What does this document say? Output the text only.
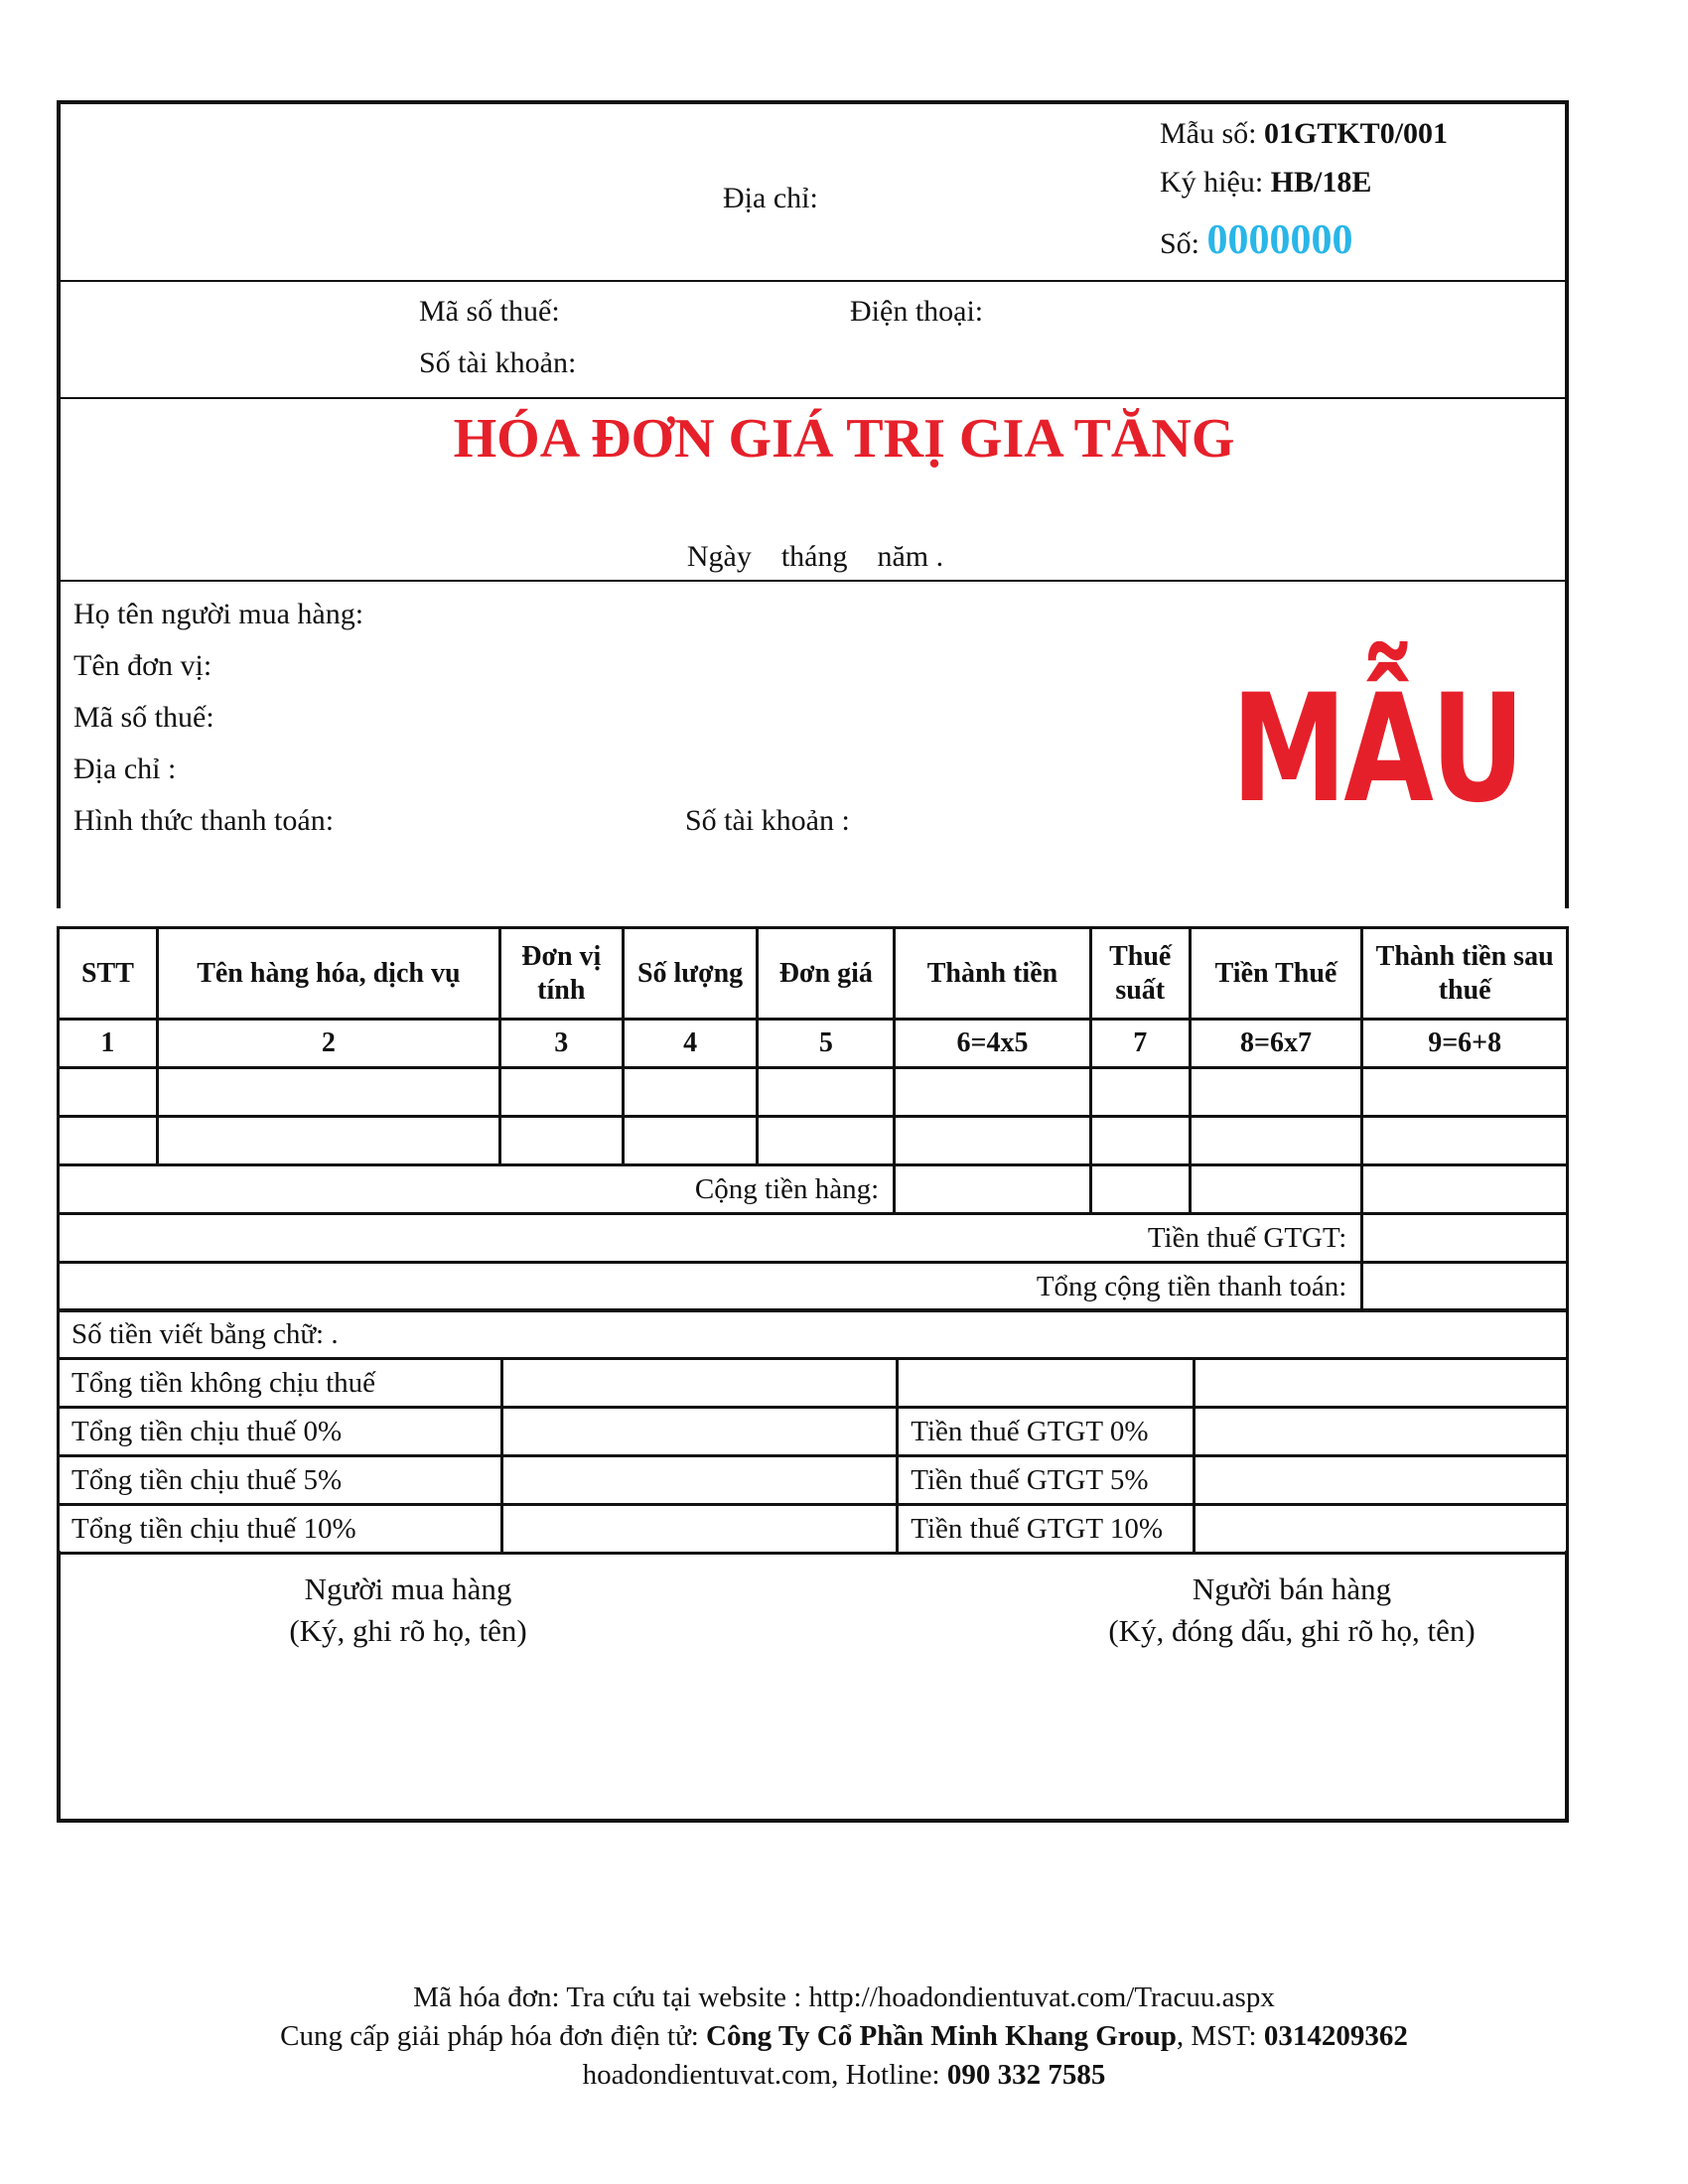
Mẫu số: 01GTKT0/001
Ký hiệu: HB/18E
Số: 0000000
Địa chỉ:
Mã số thuế:	Điện thoại:
Số tài khoản:
HÓA ĐƠN GIÁ TRỊ GIA TĂNG
Ngày    tháng    năm .
Họ tên người mua hàng:
Tên đơn vị:
Mã số thuế:
Địa chỉ :
Hình thức thanh toán:	Số tài khoản :	MẪU
STT	Tên hàng hóa, dịch vụ	Đơn vị tính	Số lượng	Đơn giá	Thành tiền	Thuế suất	Tiền Thuế	Thành tiền sau thuế
1	2	3	4	5	6=4x5	7	8=6x7	9=6+8

Cộng tiền hàng:								
Tiền thuế GTGT:								
Tổng cộng tiền thanh toán:								
Số tiền viết bằng chữ: .			
Tổng tiền không chịu thuế			
Tổng tiền chịu thuế 0%		Tiền thuế GTGT 0%	
Tổng tiền chịu thuế 5%		Tiền thuế GTGT 5%	
Tổng tiền chịu thuế 10%		Tiền thuế GTGT 10%	
Người mua hàng
(Ký, ghi rõ họ, tên)
Người bán hàng
(Ký, đóng dấu, ghi rõ họ, tên)
Mã hóa đơn: Tra cứu tại website : http://hoadondientuvat.com/Tracuu.aspx
Cung cấp giải pháp hóa đơn điện tử: Công Ty Cổ Phần Minh Khang Group, MST: 0314209362
hoadondientuvat.com, Hotline: 090 332 7585
